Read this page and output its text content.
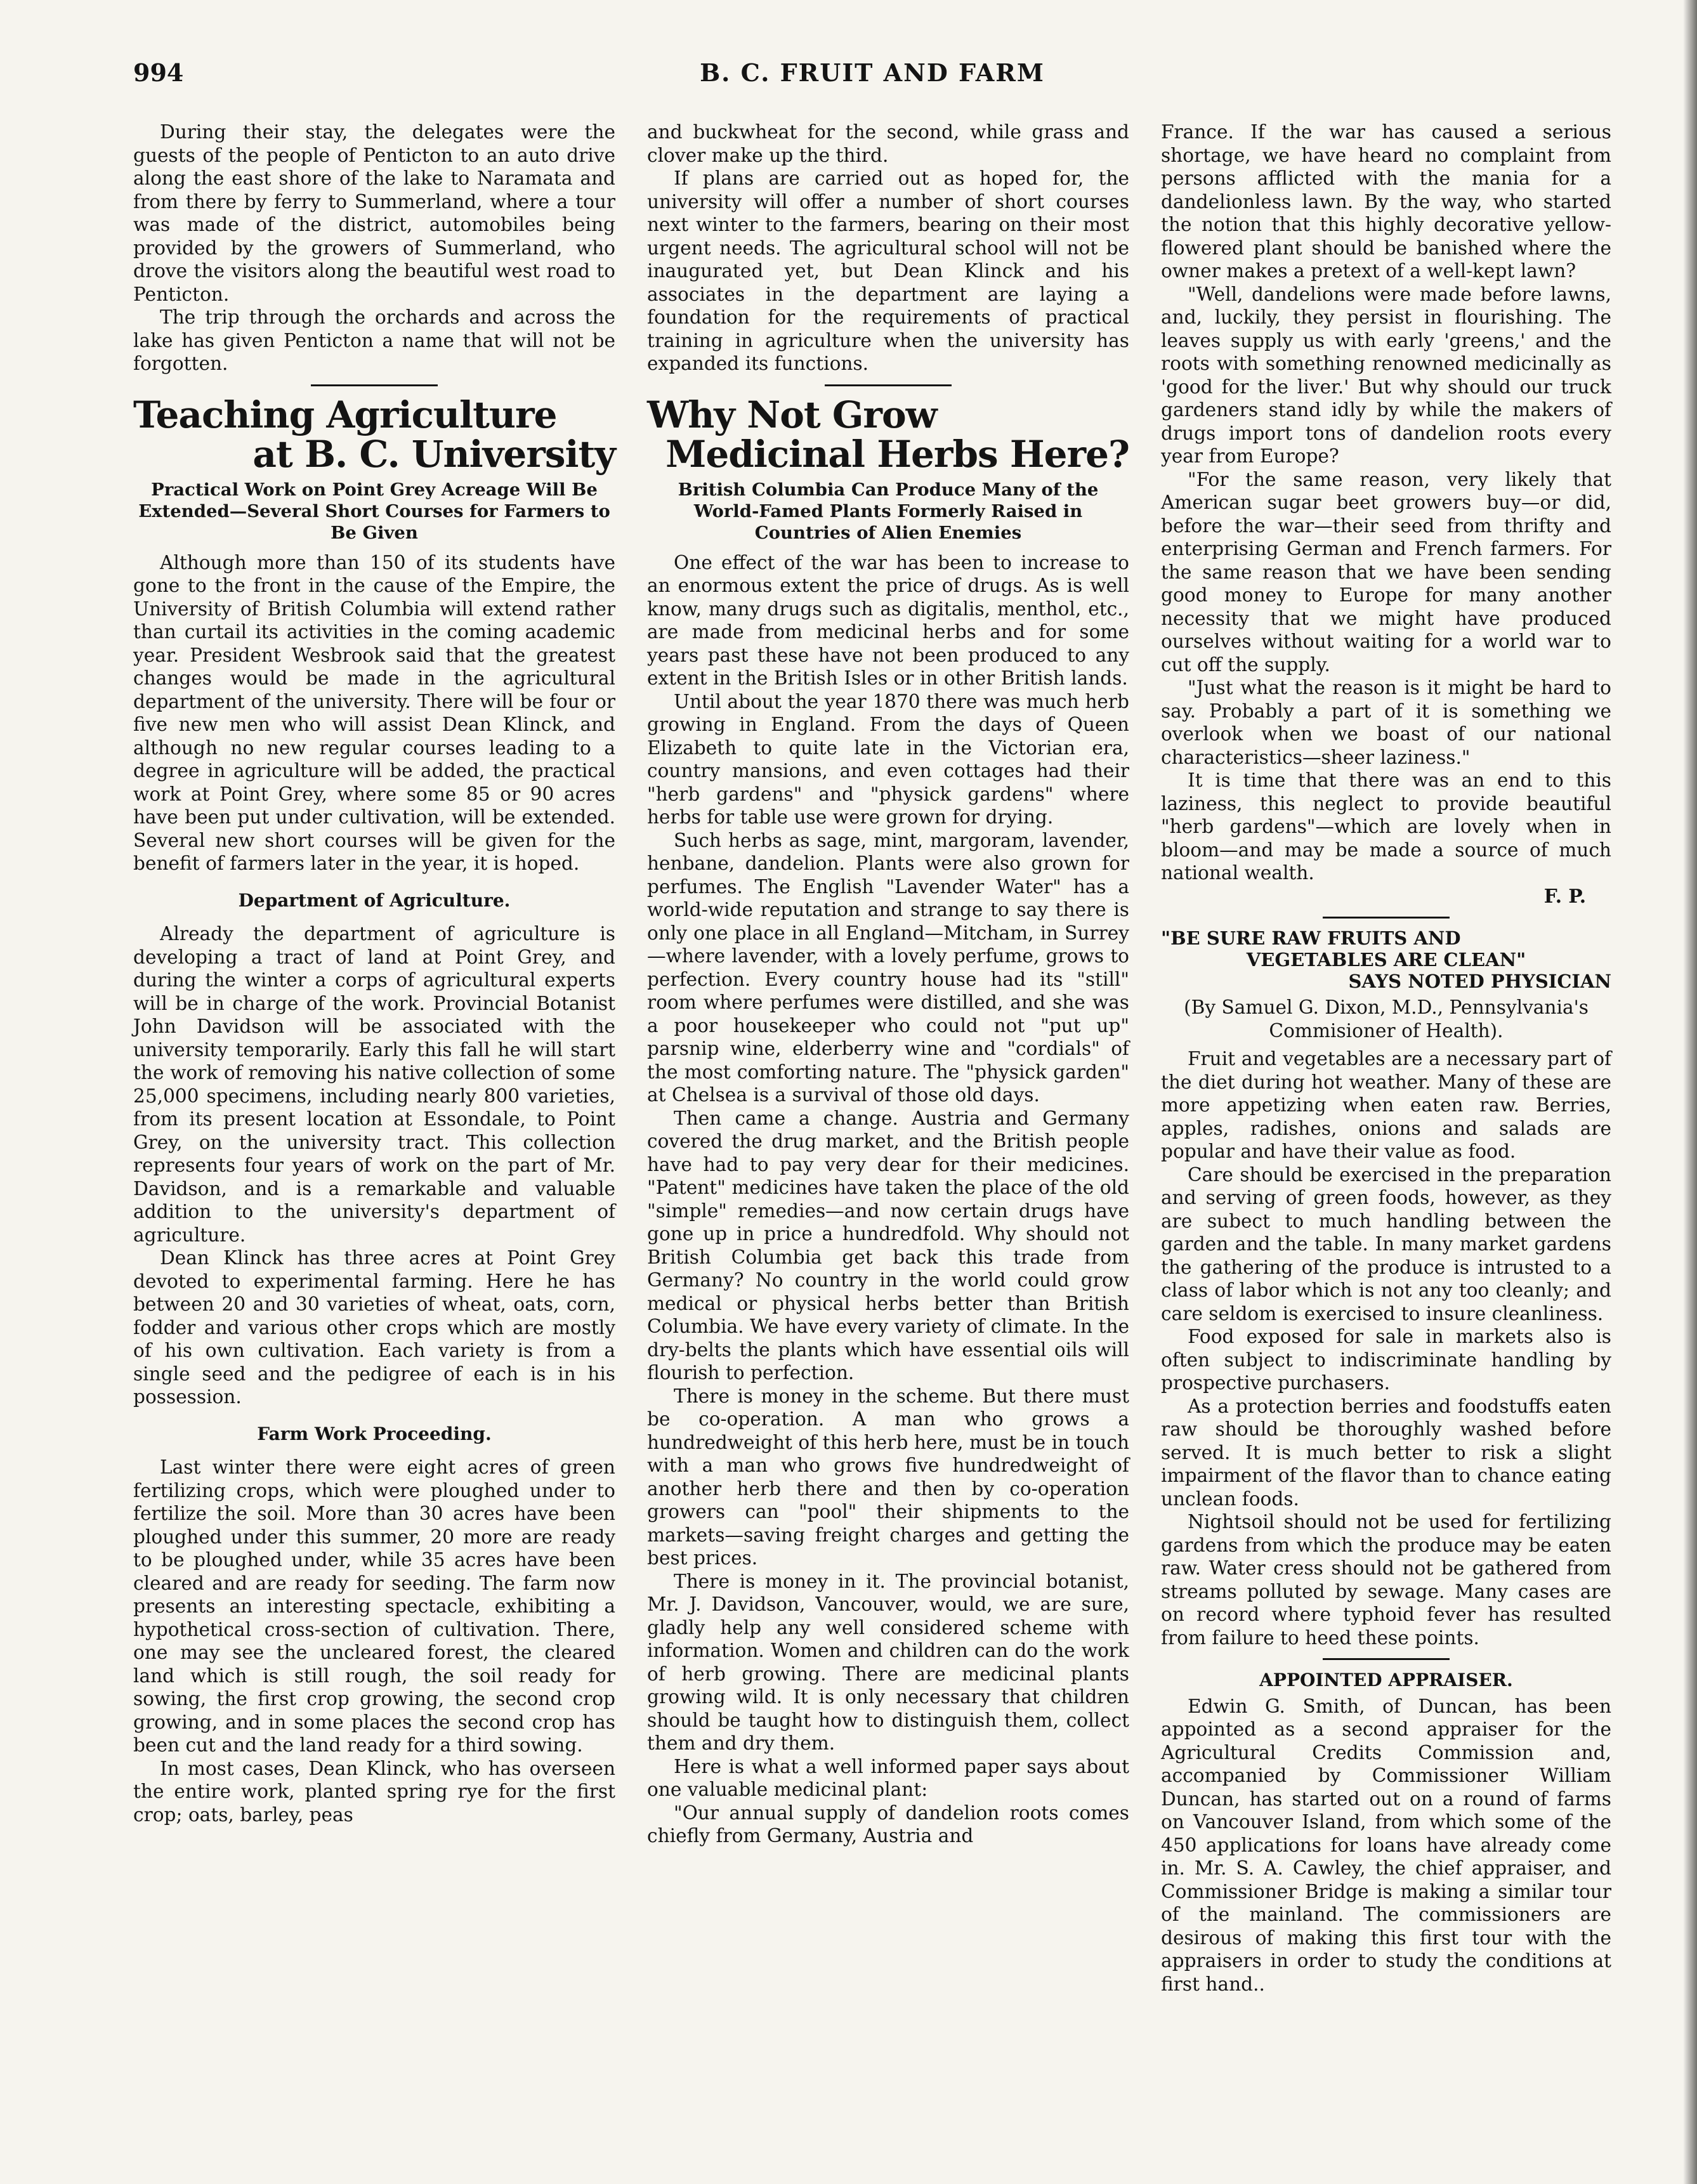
994	B. C. FRUIT AND FARM

During their stay, the delegates were the guests of the people of Penticton to an auto drive along the east shore of the lake to Naramata and from there by ferry to Summerland, where a tour was made of the district, automobiles being provided by the growers of Summerland, who drove the visitors along the beautiful west road to Penticton.

The trip through the orchards and across the lake has given Penticton a name that will not be forgotten.

Teaching Agriculture
at B. C. University
Practical Work on Point Grey Acreage Will Be Extended—Several Short Courses for Farmers to Be Given

Although more than 150 of its students have gone to the front in the cause of the Empire, the University of British Columbia will extend rather than curtail its activities in the coming academic year. President Wesbrook said that the greatest changes would be made in the agricultural department of the university. There will be four or five new men who will assist Dean Klinck, and although no new regular courses leading to a degree in agriculture will be added, the practical work at Point Grey, where some 85 or 90 acres have been put under cultivation, will be extended. Several new short courses will be given for the benefit of farmers later in the year, it is hoped.

Department of Agriculture.

Already the department of agriculture is developing a tract of land at Point Grey, and during the winter a corps of agricultural experts will be in charge of the work. Provincial Botanist John Davidson will be associated with the university temporarily. Early this fall he will start the work of removing his native collection of some 25,000 specimens, including nearly 800 varieties, from its present location at Essondale, to Point Grey, on the university tract. This collection represents four years of work on the part of Mr. Davidson, and is a remarkable and valuable addition to the university's department of agriculture.

Dean Klinck has three acres at Point Grey devoted to experimental farming. Here he has between 20 and 30 varieties of wheat, oats, corn, fodder and various other crops which are mostly of his own cultivation. Each variety is from a single seed and the pedigree of each is in his possession.

Farm Work Proceeding.

Last winter there were eight acres of green fertilizing crops, which were ploughed under to fertilize the soil. More than 30 acres have been ploughed under this summer, 20 more are ready to be ploughed under, while 35 acres have been cleared and are ready for seeding. The farm now presents an interesting spectacle, exhibiting a hypothetical cross-section of cultivation. There, one may see the uncleared forest, the cleared land which is still rough, the soil ready for sowing, the first crop growing, the second crop growing, and in some places the second crop has been cut and the land ready for a third sowing.

In most cases, Dean Klinck, who has overseen the entire work, planted spring rye for the first crop; oats, barley, peas

and buckwheat for the second, while grass and clover make up the third.

If plans are carried out as hoped for, the university will offer a number of short courses next winter to the farmers, bearing on their most urgent needs. The agricultural school will not be inaugurated yet, but Dean Klinck and his associates in the department are laying a foundation for the requirements of practical training in agriculture when the university has expanded its functions.

Why Not Grow
Medicinal Herbs Here?
British Columbia Can Produce Many of the World-Famed Plants Formerly Raised in Countries of Alien Enemies

One effect of the war has been to increase to an enormous extent the price of drugs. As is well know, many drugs such as digitalis, menthol, etc., are made from medicinal herbs and for some years past these have not been produced to any extent in the British Isles or in other British lands.

Until about the year 1870 there was much herb growing in England. From the days of Queen Elizabeth to quite late in the Victorian era, country mansions, and even cottages had their "herb gardens" and "physick gardens" where herbs for table use were grown for drying.

Such herbs as sage, mint, margoram, lavender, henbane, dandelion. Plants were also grown for perfumes. The English "Lavender Water" has a world-wide reputation and strange to say there is only one place in all England—Mitcham, in Surrey —where lavender, with a lovely perfume, grows to perfection. Every country house had its "still" room where perfumes were distilled, and she was a poor housekeeper who could not "put up" parsnip wine, elderberry wine and "cordials" of the most comforting nature. The "physick garden" at Chelsea is a survival of those old days.

Then came a change. Austria and Germany covered the drug market, and the British people have had to pay very dear for their medicines. "Patent" medicines have taken the place of the old "simple" remedies—and now certain drugs have gone up in price a hundredfold. Why should not British Columbia get back this trade from Germany? No country in the world could grow medical or physical herbs better than British Columbia. We have every variety of climate. In the dry-belts the plants which have essential oils will flourish to perfection.

There is money in the scheme. But there must be co-operation. A man who grows a hundredweight of this herb here, must be in touch with a man who grows five hundredweight of another herb there and then by co-operation growers can "pool" their shipments to the markets—saving freight charges and getting the best prices.

There is money in it. The provincial botanist, Mr. J. Davidson, Vancouver, would, we are sure, gladly help any well considered scheme with information. Women and children can do the work of herb growing. There are medicinal plants growing wild. It is only necessary that children should be taught how to distinguish them, collect them and dry them.

Here is what a well informed paper says about one valuable medicinal plant:

"Our annual supply of dandelion roots comes chiefly from Germany, Austria and

France. If the war has caused a serious shortage, we have heard no complaint from persons afflicted with the mania for a dandelionless lawn. By the way, who started the notion that this highly decorative yellow-flowered plant should be banished where the owner makes a pretext of a well-kept lawn?

"Well, dandelions were made before lawns, and, luckily, they persist in flourishing. The leaves supply us with early 'greens,' and the roots with something renowned medicinally as 'good for the liver.' But why should our truck gardeners stand idly by while the makers of drugs import tons of dandelion roots every year from Europe?

"For the same reason, very likely that American sugar beet growers buy—or did, before the war—their seed from thrifty and enterprising German and French farmers. For the same reason that we have been sending good money to Europe for many another necessity that we might have produced ourselves without waiting for a world war to cut off the supply.

"Just what the reason is it might be hard to say. Probably a part of it is something we overlook when we boast of our national characteristics—sheer laziness."

It is time that there was an end to this laziness, this neglect to provide beautiful "herb gardens"—which are lovely when in bloom—and may be made a source of much national wealth.

F. P.
"BE SURE RAW FRUITS AND
VEGETABLES ARE CLEAN"
SAYS NOTED PHYSICIAN
(By Samuel G. Dixon, M.D., Pennsylvania's Commisioner of Health).

Fruit and vegetables are a necessary part of the diet during hot weather. Many of these are more appetizing when eaten raw. Berries, apples, radishes, onions and salads are popular and have their value as food.

Care should be exercised in the preparation and serving of green foods, however, as they are subect to much handling between the garden and the table. In many market gardens the gathering of the produce is intrusted to a class of labor which is not any too cleanly; and care seldom is exercised to insure cleanliness.

Food exposed for sale in markets also is often subject to indiscriminate handling by prospective purchasers.

As a protection berries and foodstuffs eaten raw should be thoroughly washed before served. It is much better to risk a slight impairment of the flavor than to chance eating unclean foods.

Nightsoil should not be used for fertilizing gardens from which the produce may be eaten raw. Water cress should not be gathered from streams polluted by sewage. Many cases are on record where typhoid fever has resulted from failure to heed these points.

APPOINTED APPRAISER.

Edwin G. Smith, of Duncan, has been appointed as a second appraiser for the Agricultural Credits Commission and, accompanied by Commissioner William Duncan, has started out on a round of farms on Vancouver Island, from which some of the 450 applications for loans have already come in. Mr. S. A. Cawley, the chief appraiser, and Commissioner Bridge is making a similar tour of the mainland. The commissioners are desirous of making this first tour with the appraisers in order to study the conditions at first hand..
